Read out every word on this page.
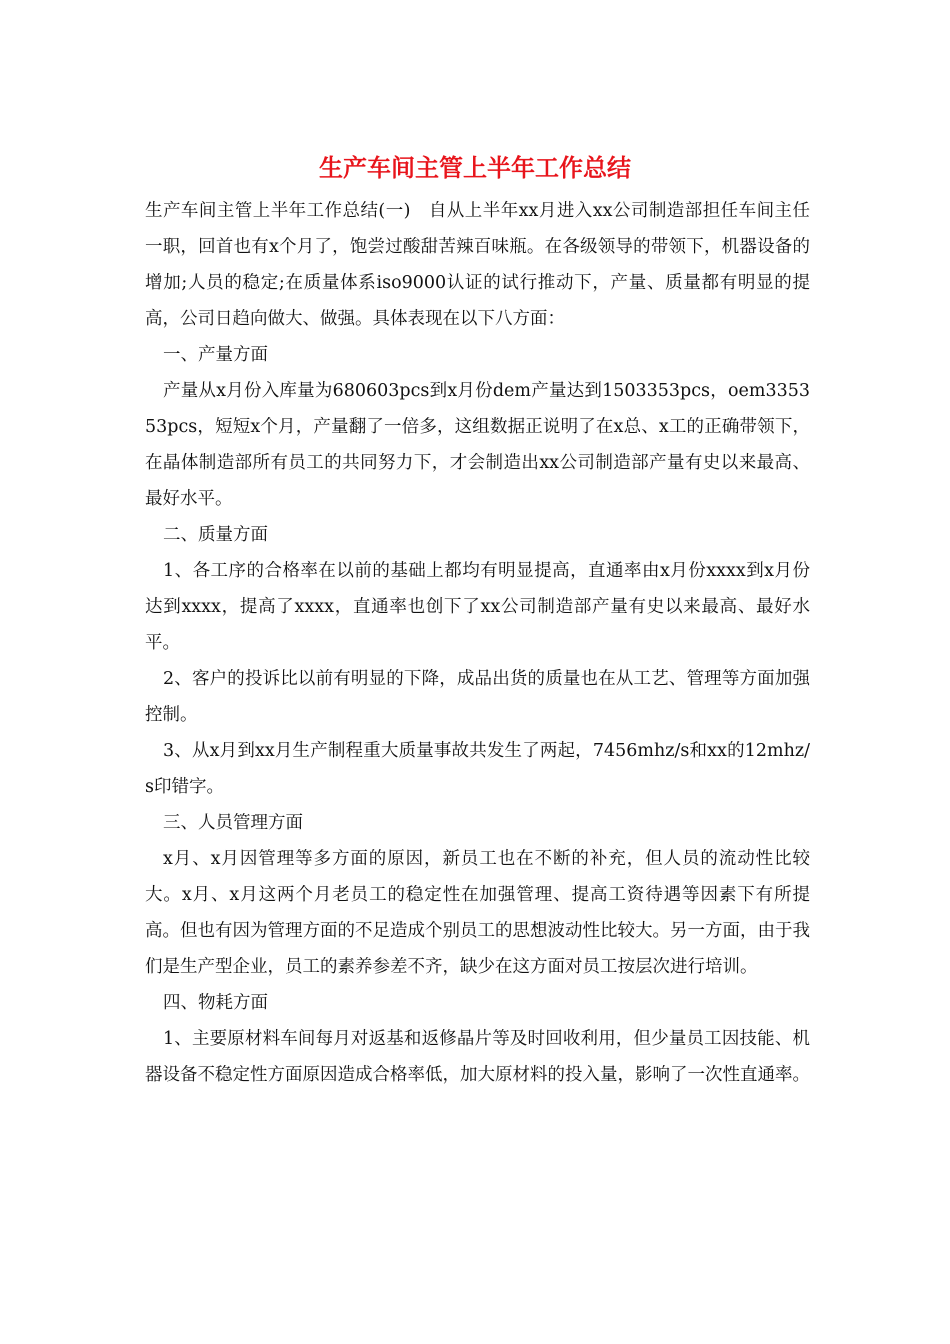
生产车间主管上半年工作总结

生产车间主管上半年工作总结(一)　自从上半年xx月进入xx公司制造部担任车间主任一职，回首也有x个月了，饱尝过酸甜苦辣百味瓶。在各级领导的带领下，机器设备的增加;人员的稳定;在质量体系iso9000认证的试行推动下，产量、质量都有明显的提高，公司日趋向做大、做强。具体表现在以下八方面：

一、产量方面

产量从x月份入库量为680603pcs到x月份dem产量达到1503353pcs，oem335353pcs，短短x个月，产量翻了一倍多，这组数据正说明了在x总、x工的正确带领下，在晶体制造部所有员工的共同努力下，才会制造出xx公司制造部产量有史以来最高、最好水平。

二、质量方面

1、各工序的合格率在以前的基础上都均有明显提高，直通率由x月份xxxx到x月份达到xxxx，提高了xxxx，直通率也创下了xx公司制造部产量有史以来最高、最好水平。

2、客户的投诉比以前有明显的下降，成品出货的质量也在从工艺、管理等方面加强控制。

3、从x月到xx月生产制程重大质量事故共发生了两起，7456mhz/s和xx的12mhz/s印错字。

三、人员管理方面

x月、x月因管理等多方面的原因，新员工也在不断的补充，但人员的流动性比较大。x月、x月这两个月老员工的稳定性在加强管理、提高工资待遇等因素下有所提高。但也有因为管理方面的不足造成个别员工的思想波动性比较大。另一方面，由于我们是生产型企业，员工的素养参差不齐，缺少在这方面对员工按层次进行培训。

四、物耗方面

1、主要原材料车间每月对返基和返修晶片等及时回收利用，但少量员工因技能、机器设备不稳定性方面原因造成合格率低，加大原材料的投入量，影响了一次性直通率。
